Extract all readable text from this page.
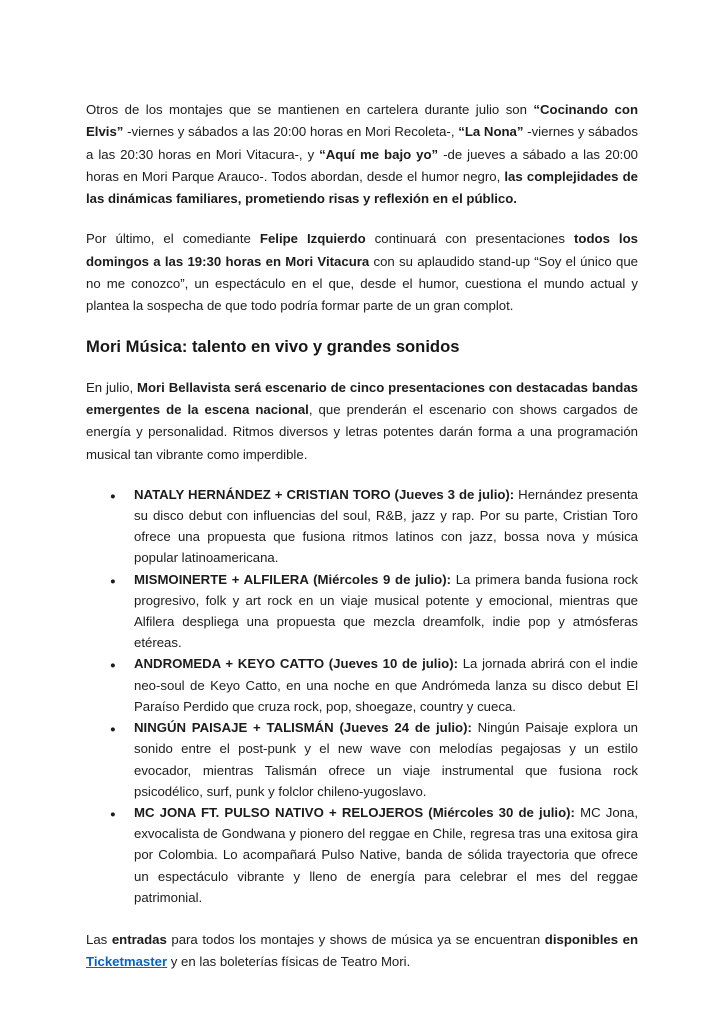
Otros de los montajes que se mantienen en cartelera durante julio son “Cocinando con Elvis” -viernes y sábados a las 20:00 horas en Mori Recoleta-, “La Nona” -viernes y sábados a las 20:30 horas en Mori Vitacura-, y “Aquí me bajo yo” -de jueves a sábado a las 20:00 horas en Mori Parque Arauco-. Todos abordan, desde el humor negro, las complejidades de las dinámicas familiares, prometiendo risas y reflexión en el público.

Por último, el comediante Felipe Izquierdo continuará con presentaciones todos los domingos a las 19:30 horas en Mori Vitacura con su aplaudido stand-up “Soy el único que no me conozco”, un espectáculo en el que, desde el humor, cuestiona el mundo actual y plantea la sospecha de que todo podría formar parte de un gran complot.

Mori Música: talento en vivo y grandes sonidos

En julio, Mori Bellavista será escenario de cinco presentaciones con destacadas bandas emergentes de la escena nacional, que prenderán el escenario con shows cargados de energía y personalidad. Ritmos diversos y letras potentes darán forma a una programación musical tan vibrante como imperdible.

● NATALY HERNÁNDEZ + CRISTIAN TORO (Jueves 3 de julio): Hernández presenta su disco debut con influencias del soul, R&B, jazz y rap. Por su parte, Cristian Toro ofrece una propuesta que fusiona ritmos latinos con jazz, bossa nova y música popular latinoamericana.
● MISMOINERTE + ALFILERA (Miércoles 9 de julio): La primera banda fusiona rock progresivo, folk y art rock en un viaje musical potente y emocional, mientras que Alfilera despliega una propuesta que mezcla dreamfolk, indie pop y atmósferas etéreas.
● ANDROMEDA + KEYO CATTO (Jueves 10 de julio): La jornada abrirá con el indie neo-soul de Keyo Catto, en una noche en que Andrómeda lanza su disco debut El Paraíso Perdido que cruza rock, pop, shoegaze, country y cueca.
● NINGÚN PAISAJE + TALISMÁN (Jueves 24 de julio): Ningún Paisaje explora un sonido entre el post-punk y el new wave con melodías pegajosas y un estilo evocador, mientras Talismán ofrece un viaje instrumental que fusiona rock psicodélico, surf, punk y folclor chileno-yugoslavo.
● MC JONA FT. PULSO NATIVO + RELOJEROS (Miércoles 30 de julio): MC Jona, exvocalista de Gondwana y pionero del reggae en Chile, regresa tras una exitosa gira por Colombia. Lo acompañará Pulso Native, banda de sólida trayectoria que ofrece un espectáculo vibrante y lleno de energía para celebrar el mes del reggae patrimonial.

Las entradas para todos los montajes y shows de música ya se encuentran disponibles en Ticketmaster y en las boleterías físicas de Teatro Mori.
